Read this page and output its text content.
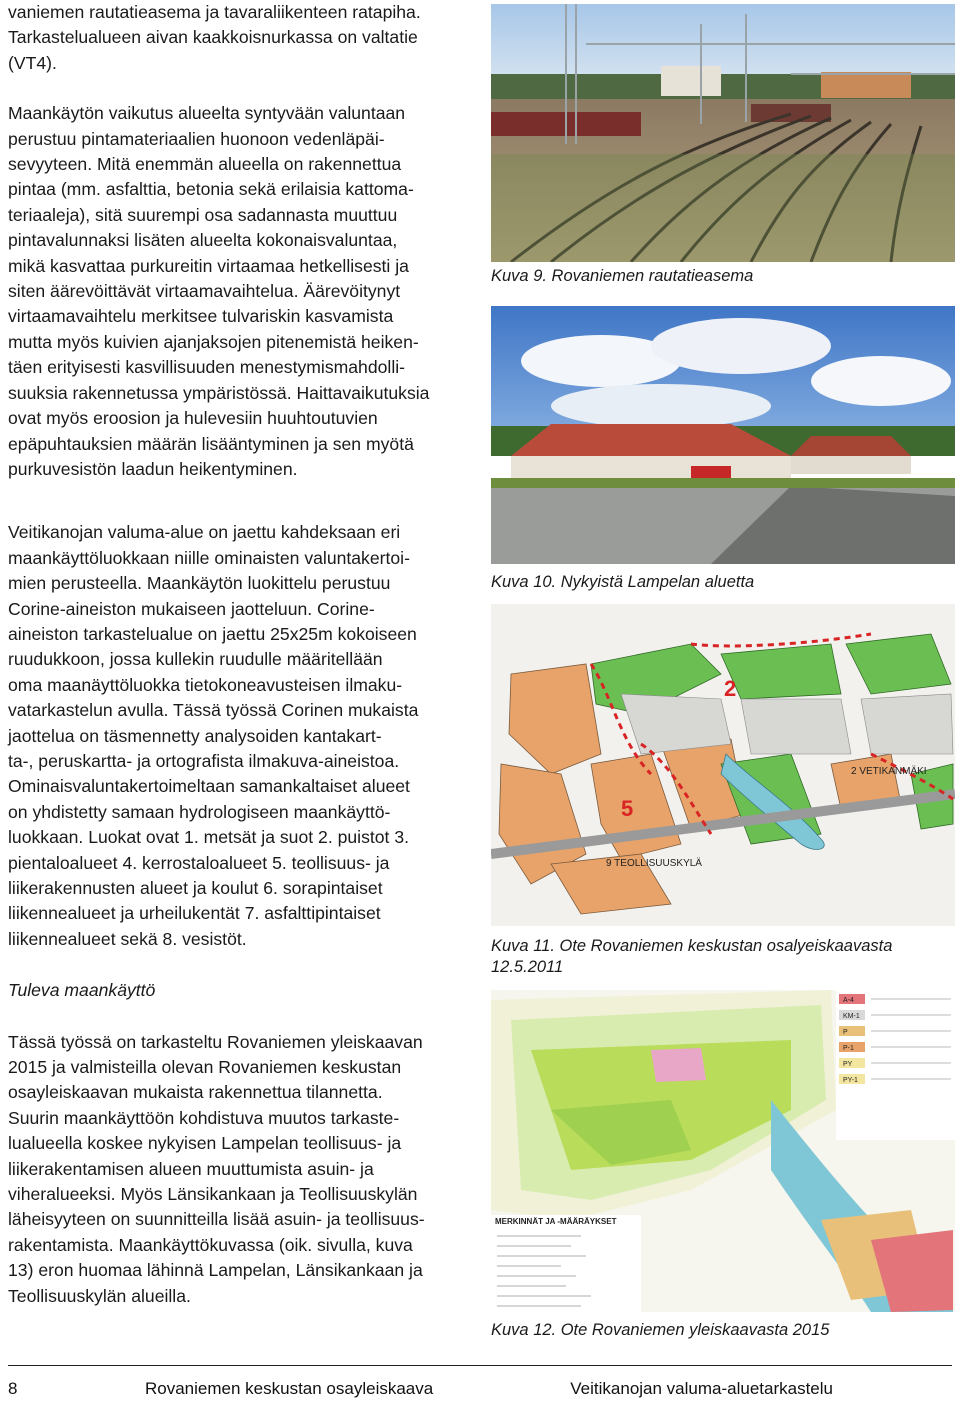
vaniemen rautatieasema ja tavaraliikenteen ratapiha.

Tarkastelualueen aivan kaakkoisnurkassa on valtatie

(VT4).

Maankäytön vaikutus alueelta syntyvään valuntaan

perustuu pintamateriaalien huonoon vedenläpäi-

sevyyteen. Mitä enemmän alueella on rakennettua

pintaa (mm. asfalttia, betonia sekä erilaisia kattoma-

teriaaleja), sitä suurempi osa sadannasta muuttuu

pintavalunnaksi lisäten alueelta kokonaisvaluntaa,

mikä kasvattaa purkureitin virtaamaa hetkellisesti ja

siten äärevöittävät virtaamavaihtelua. Äärevöitynyt

virtaamavaihtelu merkitsee tulvariskin kasvamista

mutta myös kuivien ajanjaksojen pitenemistä heiken-

täen erityisesti kasvillisuuden menestymismahdolli-

suuksia rakennetussa ympäristössä. Haittavaikutuksia

ovat myös eroosion ja hulevesiin huuhtoutuvien

epäpuhtauksien määrän lisääntyminen ja sen myötä

purkuvesistön laadun heikentyminen.

Veitikanojan valuma-alue on jaettu kahdeksaan eri

maankäyttöluokkaan niille ominaisten valuntakertoi-

mien perusteella. Maankäytön luokittelu perustuu

Corine-aineiston mukaiseen jaotteluun. Corine-

aineiston tarkastelualue on jaettu 25x25m kokoiseen

ruudukkoon, jossa kullekin ruudulle määritellään

oma maanäyttöluokka tietokoneavusteisen ilmaku-

vatarkastelun avulla. Tässä työssä Corinen mukaista

jaottelua on täsmennetty analysoiden kantakart-

ta-, peruskartta- ja ortografista ilmakuva-aineistoa.

Ominaisvaluntakertoimeltaan samankaltaiset alueet

on yhdistetty samaan hydrologiseen maankäyttö-

luokkaan. Luokat ovat 1. metsät ja suot 2. puistot 3.

pientaloalueet 4. kerrostaloalueet 5. teollisuus- ja

liikerakennusten alueet ja koulut 6. sorapintaiset

liikennealueet ja urheilukentät 7. asfalttipintaiset

liikennealueet sekä 8. vesistöt.

Tuleva maankäyttö

Tässä työssä on tarkasteltu Rovaniemen yleiskaavan

2015 ja valmisteilla olevan Rovaniemen keskustan

osayleiskaavan mukaista rakennettua tilannetta.

Suurin maankäyttöön kohdistuva muutos tarkaste-

lualueella koskee nykyisen Lampelan teollisuus- ja

liikerakentamisen alueen muuttumista asuin- ja

viheralueeksi. Myös Länsikankaan ja Teollisuuskylän

läheisyyteen on suunnitteilla lisää asuin- ja teollisuus-

rakentamista. Maankäyttökuvassa (oik. sivulla, kuva

13) eron huomaa lähinnä Lampelan, Länsikankaan ja

Teollisuuskylän alueilla.

Kuva 9. Rovaniemen rautatieasema
Kuva 10. Nykyistä Lampelan aluetta
2
5
9 TEOLLISUUSKYLÄ
2 VETIKANMÄKI
Kuva 11. Ote Rovaniemen keskustan osalyeiskaavasta
12.5.2011
A-4
KM-1
P
P-1
PY
PY-1
MERKINNÄT JA -MÄÄRÄYKSET
Kuva 12. Ote Rovaniemen yleiskaavasta 2015
8	Rovaniemen keskustan osayleiskaava	Veitikanojan valuma-aluetarkastelu
